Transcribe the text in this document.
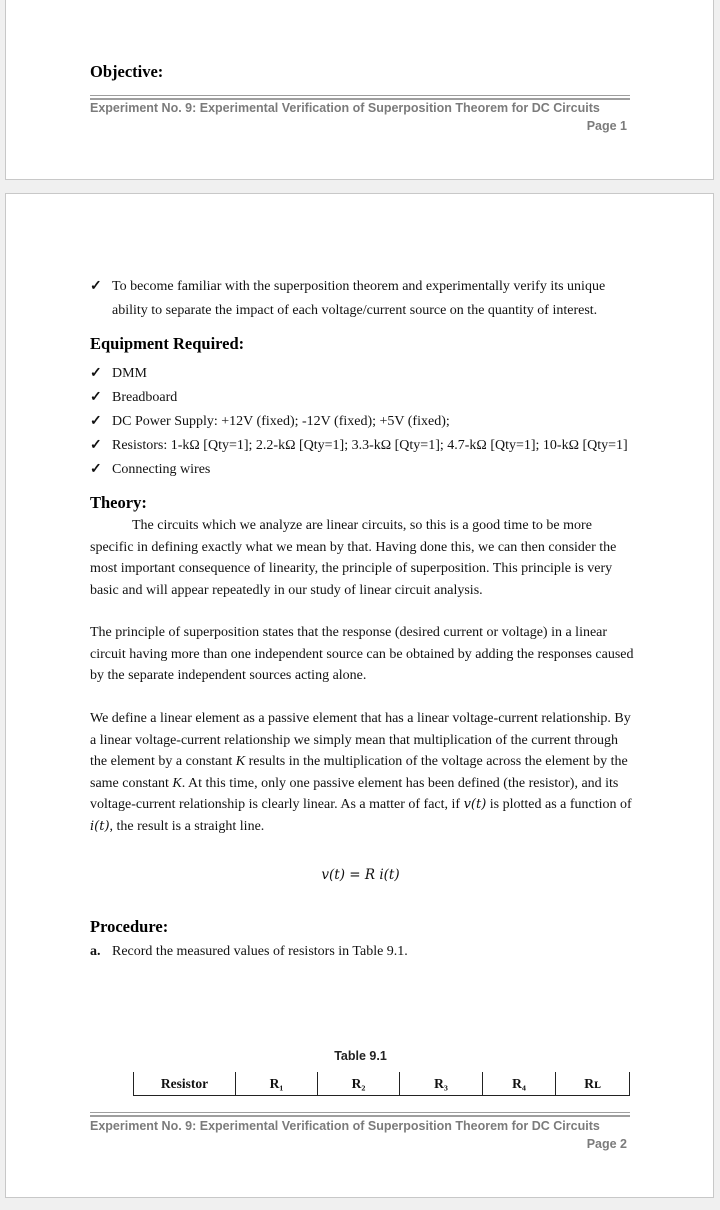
Objective:
Experiment No. 9: Experimental Verification of Superposition Theorem for DC Circuits
Page 1
✓ To become familiar with the superposition theorem and experimentally verify its unique
ability to separate the impact of each voltage/current source on the quantity of interest.
Equipment Required:
✓ DMM
✓ Breadboard
✓ DC Power Supply: +12V (fixed); -12V (fixed); +5V (fixed);
✓ Resistors: 1-kΩ [Qty=1]; 2.2-kΩ [Qty=1]; 3.3-kΩ [Qty=1]; 4.7-kΩ [Qty=1]; 10-kΩ [Qty=1]
✓ Connecting wires
Theory:
The circuits which we analyze are linear circuits, so this is a good time to be more specific in defining exactly what we mean by that. Having done this, we can then consider the most important consequence of linearity, the principle of superposition. This principle is very basic and will appear repeatedly in our study of linear circuit analysis.
The principle of superposition states that the response (desired current or voltage) in a linear circuit having more than one independent source can be obtained by adding the responses caused by the separate independent sources acting alone.
We define a linear element as a passive element that has a linear voltage-current relationship. By a linear voltage-current relationship we simply mean that multiplication of the current through the element by a constant K results in the multiplication of the voltage across the element by the same constant K. At this time, only one passive element has been defined (the resistor), and its voltage-current relationship is clearly linear. As a matter of fact, if v(t) is plotted as a function of i(t), the result is a straight line.
v(t) = R i(t)
Procedure:
a. Record the measured values of resistors in Table 9.1.
Table 9.1
Resistor	R₁	R₂	R₃	R₄	Rʟ
Experiment No. 9: Experimental Verification of Superposition Theorem for DC Circuits
Page 2
